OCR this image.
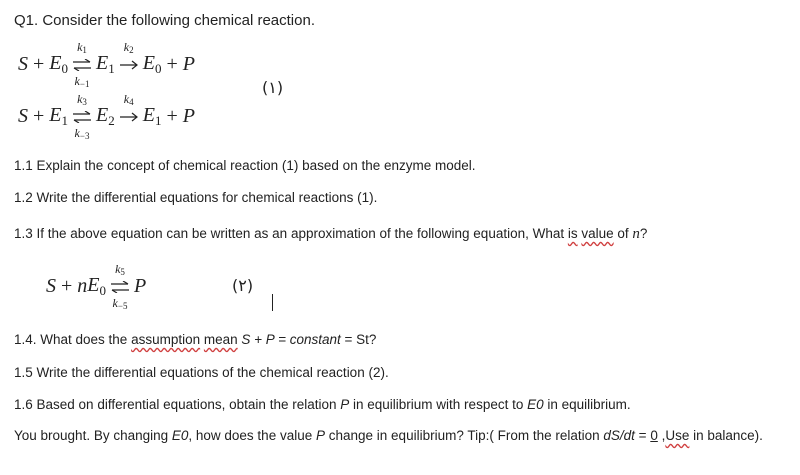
Q1. Consider the following chemical reaction.
$S + E_0$
k1
k−1
$E_1$
k2
$E_0 + P$
(١)
$S + E_1$
k3
k−3
$E_2$
k4
$E_1 + P$
1.1 Explain the concept of chemical reaction (1) based on the enzyme model.
1.2 Write the differential equations for chemical reactions (1).
1.3 If the above equation can be written as an approximation of the following equation, What is value of n?
S + n $E_0$
k5
k−5
P	(٢)
1.4. What does the assumption mean S + P = constant = St?
1.5 Write the differential equations of the chemical reaction (2).
1.6 Based on differential equations, obtain the relation P in equilibrium with respect to E0 in equilibrium.
You brought. By changing E0, how does the value P change in equilibrium? Tip:( From the relation dS/dt = 0 ,Use in balance).
